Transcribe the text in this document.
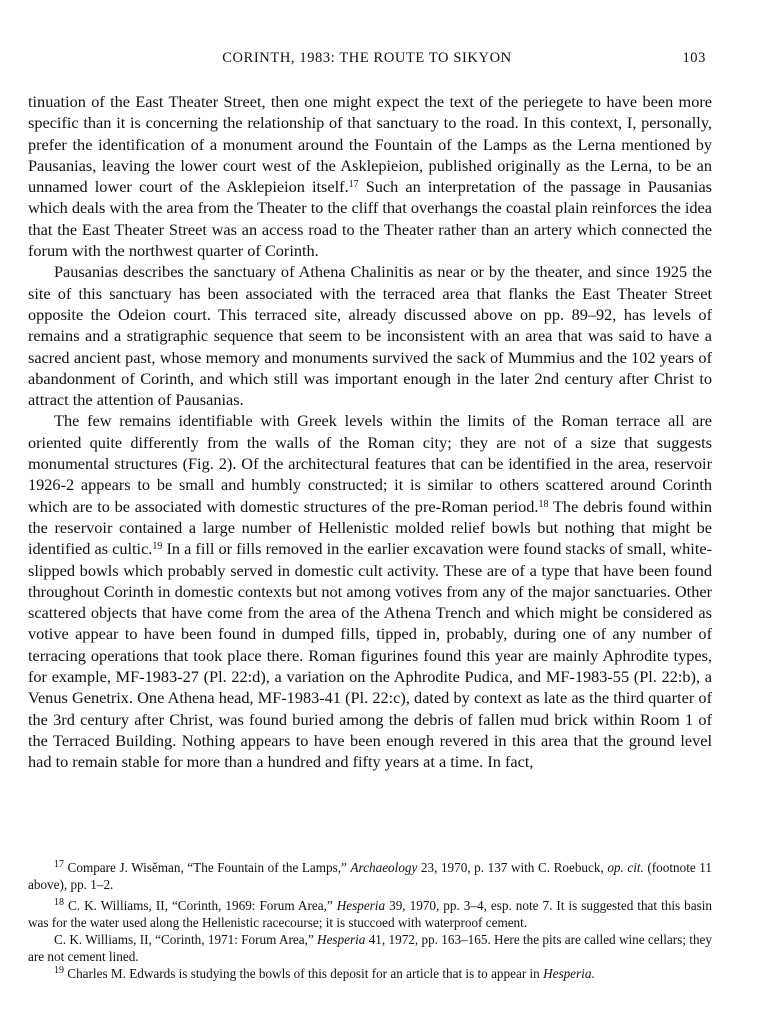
CORINTH, 1983: THE ROUTE TO SIKYON	103

tinuation of the East Theater Street, then one might expect the text of the periegete to have been more specific than it is concerning the relationship of that sanctuary to the road. In this context, I, personally, prefer the identification of a monument around the Fountain of the Lamps as the Lerna mentioned by Pausanias, leaving the lower court west of the Asklepieion, published originally as the Lerna, to be an unnamed lower court of the Asklepieion itself.$^{17}$ Such an interpretation of the passage in Pausanias which deals with the area from the Theater to the cliff that overhangs the coastal plain reinforces the idea that the East Theater Street was an access road to the Theater rather than an artery which connected the forum with the northwest quarter of Corinth.

Pausanias describes the sanctuary of Athena Chalinitis as near or by the theater, and since 1925 the site of this sanctuary has been associated with the terraced area that flanks the East Theater Street opposite the Odeion court. This terraced site, already discussed above on pp. 89–92, has levels of remains and a stratigraphic sequence that seem to be inconsistent with an area that was said to have a sacred ancient past, whose memory and monuments survived the sack of Mummius and the 102 years of abandonment of Corinth, and which still was important enough in the later 2nd century after Christ to attract the attention of Pausanias.

The few remains identifiable with Greek levels within the limits of the Roman terrace all are oriented quite differently from the walls of the Roman city; they are not of a size that suggests monumental structures (Fig. 2). Of the architectural features that can be identified in the area, reservoir 1926-2 appears to be small and humbly constructed; it is similar to others scattered around Corinth which are to be associated with domestic structures of the pre-Roman period.$^{18}$ The debris found within the reservoir contained a large number of Hellenistic molded relief bowls but nothing that might be identified as cultic.$^{19}$ In a fill or fills removed in the earlier excavation were found stacks of small, white-slipped bowls which probably served in domestic cult activity. These are of a type that have been found throughout Corinth in domestic contexts but not among votives from any of the major sanctuaries. Other scattered objects that have come from the area of the Athena Trench and which might be considered as votive appear to have been found in dumped fills, tipped in, probably, during one of any number of terracing operations that took place there. Roman figurines found this year are mainly Aphrodite types, for example, MF-1983-27 (Pl. 22:d), a variation on the Aphrodite Pudica, and MF-1983-55 (Pl. 22:b), a Venus Genetrix. One Athena head, MF-1983-41 (Pl. 22:c), dated by context as late as the third quarter of the 3rd century after Christ, was found buried among the debris of fallen mud brick within Room 1 of the Terraced Building. Nothing appears to have been enough revered in this area that the ground level had to remain stable for more than a hundred and fifty years at a time. In fact,

$^{17}$ Compare J. Wisěman, “The Fountain of the Lamps,” Archaeology 23, 1970, p. 137 with C. Roebuck, op. cit. (footnote 11 above), pp. 1–2.

$^{18}$ C. K. Williams, II, “Corinth, 1969: Forum Area,” Hesperia 39, 1970, pp. 3–4, esp. note 7. It is suggested that this basin was for the water used along the Hellenistic racecourse; it is stuccoed with waterproof cement.

C. K. Williams, II, “Corinth, 1971: Forum Area,” Hesperia 41, 1972, pp. 163–165. Here the pits are called wine cellars; they are not cement lined.

$^{19}$ Charles M. Edwards is studying the bowls of this deposit for an article that is to appear in Hesperia.
